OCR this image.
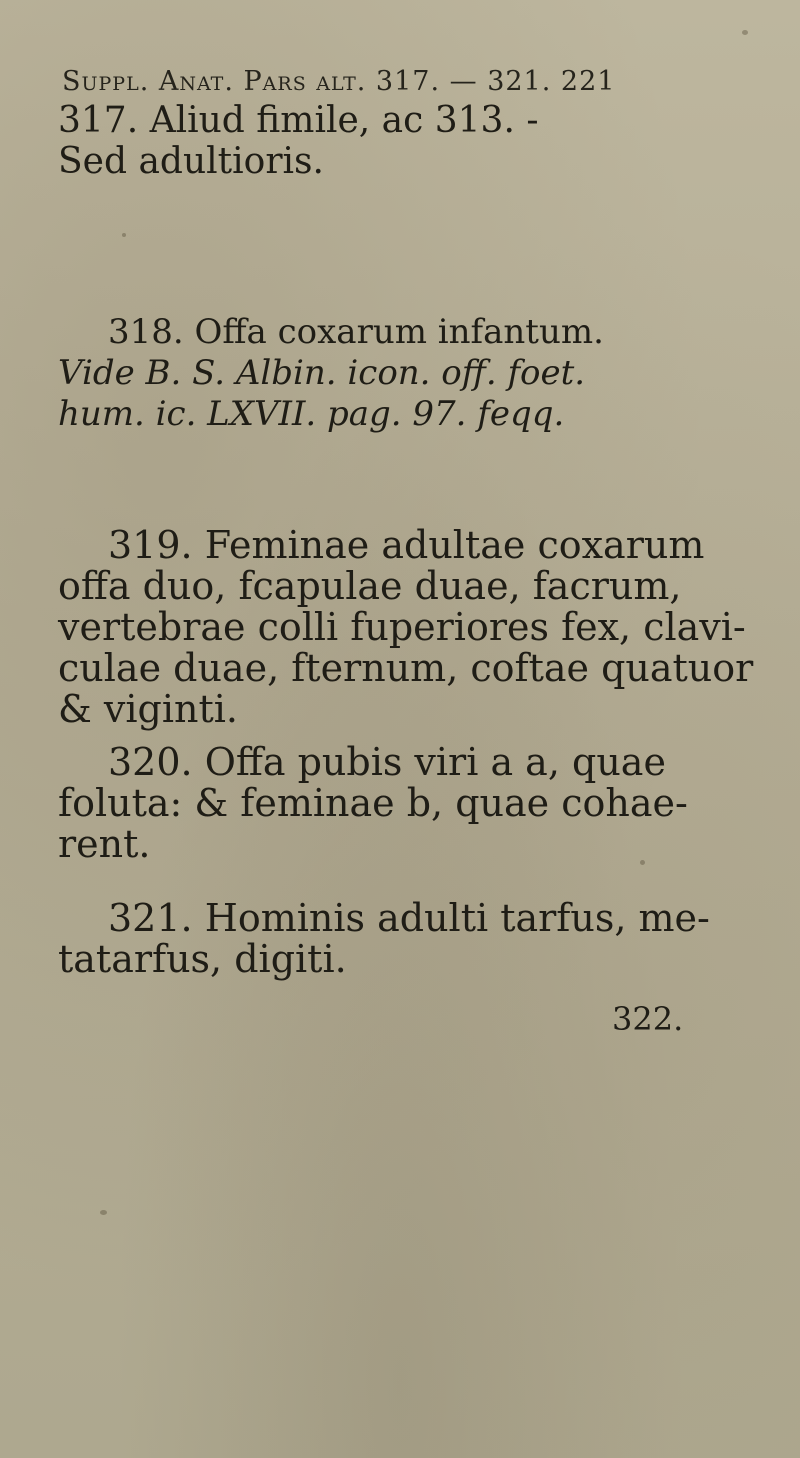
Suppl. Anat. Pars alt. 317. — 321. 221
317. Aliud fimile, ac 313. -
Sed adultioris.
318. Offa coxarum infantum.
Vide B. S. Albin. icon. off. foet.
hum. ic. LXVII. pag. 97. feqq.
319. Feminae adultae coxarum
offa duo, fcapulae duae, facrum,
vertebrae colli fuperiores fex, clavi-
culae duae, fternum, coftae quatuor
& viginti.
320. Offa pubis viri a a, quae
foluta: & feminae b, quae cohae-
rent.
321. Hominis adulti tarfus, me-
tatarfus, digiti.
322.
